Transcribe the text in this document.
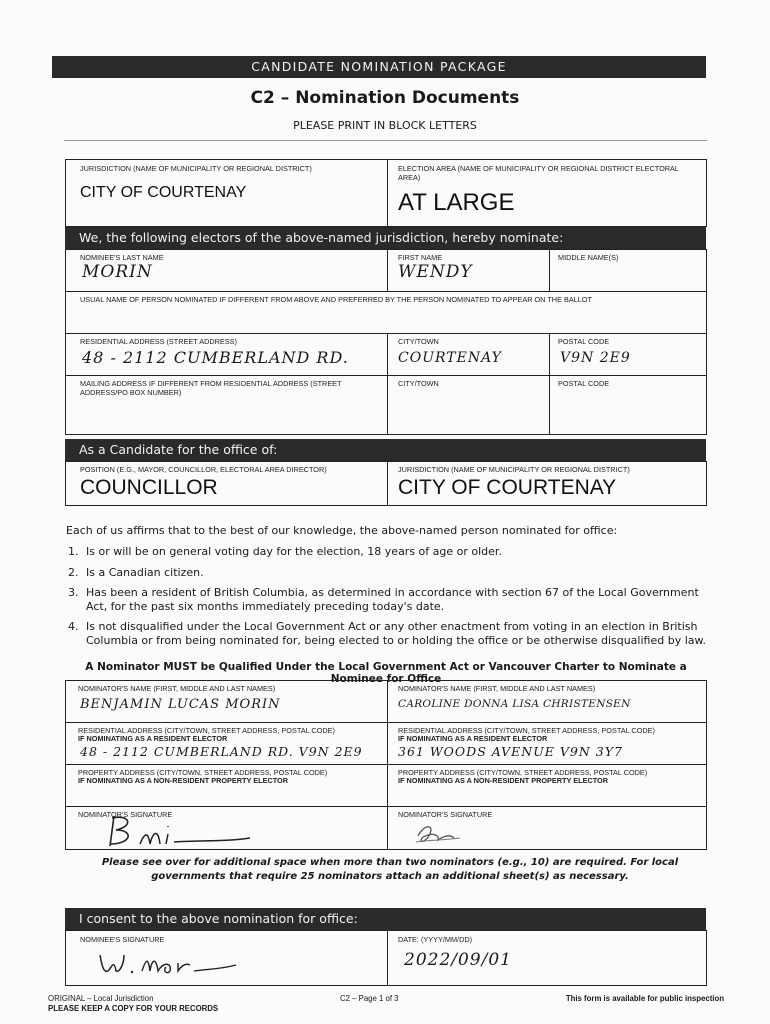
CANDIDATE NOMINATION PACKAGE
C2 – Nomination Documents
PLEASE PRINT IN BLOCK LETTERS
JURISDICTION (NAME OF MUNICIPALITY OR REGIONAL DISTRICT)
CITY OF COURTENAY
ELECTION AREA (NAME OF MUNICIPALITY OR REGIONAL DISTRICT ELECTORAL AREA)
AT LARGE
We, the following electors of the above-named jurisdiction, hereby nominate:
NOMINEE'S LAST NAME
MORIN
FIRST NAME
WENDY
MIDDLE NAME(S)
USUAL NAME OF PERSON NOMINATED IF DIFFERENT FROM ABOVE AND PREFERRED BY THE PERSON NOMINATED TO APPEAR ON THE BALLOT
RESIDENTIAL ADDRESS (STREET ADDRESS)
48 - 2112 CUMBERLAND RD.
CITY/TOWN
COURTENAY
POSTAL CODE
V9N 2E9
MAILING ADDRESS IF DIFFERENT FROM RESIDENTIAL ADDRESS (STREET ADDRESS/PO BOX NUMBER)
CITY/TOWN	POSTAL CODE
As a Candidate for the office of:
POSITION (E.G., MAYOR, COUNCILLOR, ELECTORAL AREA DIRECTOR)
COUNCILLOR
JURISDICTION (NAME OF MUNICIPALITY OR REGIONAL DISTRICT)
CITY OF COURTENAY
Each of us affirms that to the best of our knowledge, the above-named person nominated for office:
1. Is or will be on general voting day for the election, 18 years of age or older.
2. Is a Canadian citizen.
3. Has been a resident of British Columbia, as determined in accordance with section 67 of the Local Government Act, for the past six months immediately preceding today's date.
4. Is not disqualified under the Local Government Act or any other enactment from voting in an election in British Columbia or from being nominated for, being elected to or holding the office or be otherwise disqualified by law.
A Nominator MUST be Qualified Under the Local Government Act or Vancouver Charter to Nominate a Nominee for Office
NOMINATOR'S NAME (FIRST, MIDDLE AND LAST NAMES)
BENJAMIN LUCAS MORIN
RESIDENTIAL ADDRESS (CITY/TOWN, STREET ADDRESS, POSTAL CODE)
IF NOMINATING AS A RESIDENT ELECTOR
48 - 2112 CUMBERLAND RD. V9N 2E9
PROPERTY ADDRESS (CITY/TOWN, STREET ADDRESS, POSTAL CODE)
IF NOMINATING AS A NON-RESIDENT PROPERTY ELECTOR
NOMINATOR'S SIGNATURE
NOMINATOR'S NAME (FIRST, MIDDLE AND LAST NAMES)
CAROLINE DONNA LISA CHRISTENSEN
RESIDENTIAL ADDRESS (CITY/TOWN, STREET ADDRESS, POSTAL CODE)
IF NOMINATING AS A RESIDENT ELECTOR
361 WOODS AVENUE V9N 3Y7
PROPERTY ADDRESS (CITY/TOWN, STREET ADDRESS, POSTAL CODE)
IF NOMINATING AS A NON-RESIDENT PROPERTY ELECTOR
NOMINATOR'S SIGNATURE
Please see over for additional space when more than two nominators (e.g., 10) are required. For local governments that require 25 nominators attach an additional sheet(s) as necessary.
I consent to the above nomination for office:
NOMINEE'S SIGNATURE	DATE: (YYYY/MM/DD)
2022/09/01
ORIGINAL – Local Jurisdiction
PLEASE KEEP A COPY FOR YOUR RECORDS
C2 – Page 1 of 3	This form is available for public inspection
